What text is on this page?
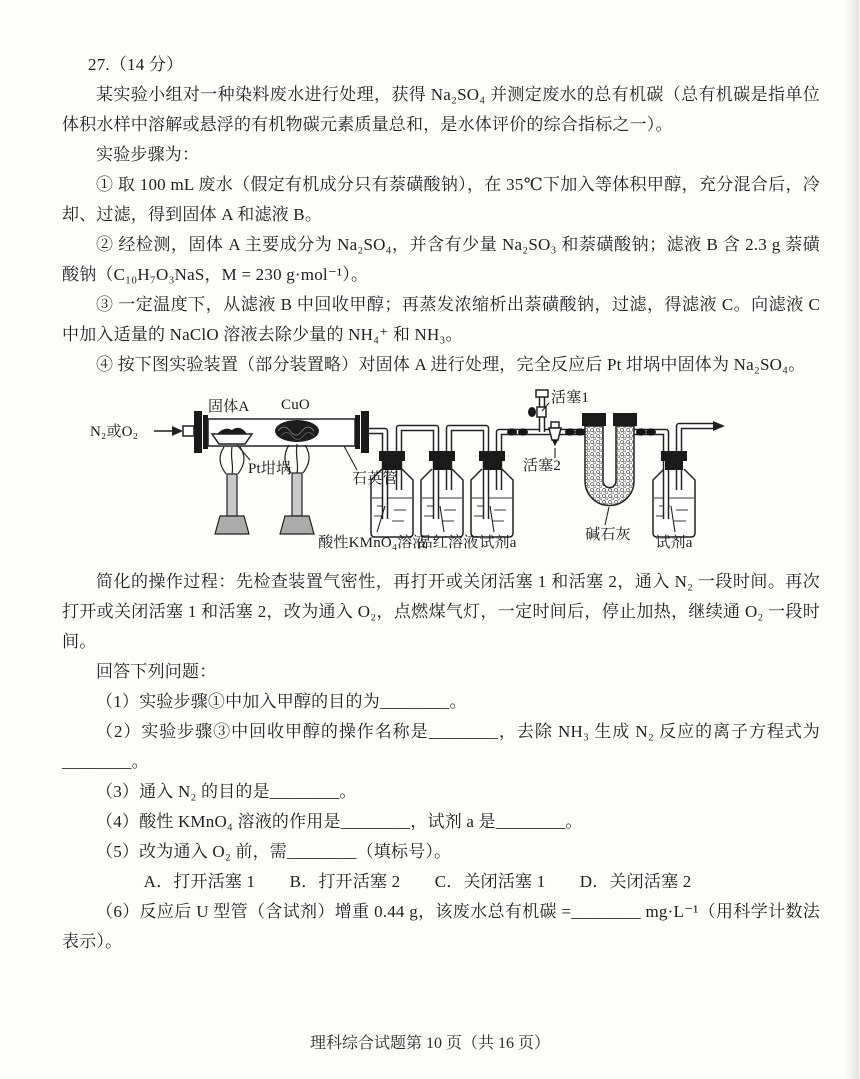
27.（14 分）

某实验小组对一种染料废水进行处理，获得 Na₂SO₄ 并测定废水的总有机碳（总有机碳是指单位体积水样中溶解或悬浮的有机物碳元素质量总和，是水体评价的综合指标之一）。

实验步骤为：

① 取 100 mL 废水（假定有机成分只有萘磺酸钠），在 35℃下加入等体积甲醇，充分混合后，冷却、过滤，得到固体 A 和滤液 B。

② 经检测，固体 A 主要成分为 Na₂SO₄，并含有少量 Na₂SO₃ 和萘磺酸钠；滤液 B 含 2.3 g 萘磺酸钠（C₁₀H₇O₃NaS，M = 230 g·mol⁻¹）。

③ 一定温度下，从滤液 B 中回收甲醇；再蒸发浓缩析出萘磺酸钠，过滤，得滤液 C。向滤液 C 中加入适量的 NaClO 溶液去除少量的 NH₄⁺ 和 NH₃。

④ 按下图实验装置（部分装置略）对固体 A 进行处理，完全反应后 Pt 坩埚中固体为 Na₂SO₄。

N₂或O₂
固体A CuO
Pt坩埚
石英管
活塞1
活塞2
酸性KMnO₄溶液
品红溶液 试剂a	碱石灰 试剂a

简化的操作过程：先检查装置气密性，再打开或关闭活塞 1 和活塞 2，通入 N₂ 一段时间。再次打开或关闭活塞 1 和活塞 2，改为通入 O₂，点燃煤气灯，一定时间后，停止加热，继续通 O₂ 一段时间。

回答下列问题：

（1）实验步骤①中加入甲醇的目的为________。

（2）实验步骤③中回收甲醇的操作名称是________，去除 NH₃ 生成 N₂ 反应的离子方程式为________。

（3）通入 N₂ 的目的是________。

（4）酸性 KMnO₄ 溶液的作用是________，试剂 a 是________。

（5）改为通入 O₂ 前，需________（填标号）。

A．打开活塞 1　　B．打开活塞 2　　C．关闭活塞 1　　D．关闭活塞 2

（6）反应后 U 型管（含试剂）增重 0.44 g，该废水总有机碳 =________ mg·L⁻¹（用科学计数法表示）。

理科综合试题第 10 页（共 16 页）
